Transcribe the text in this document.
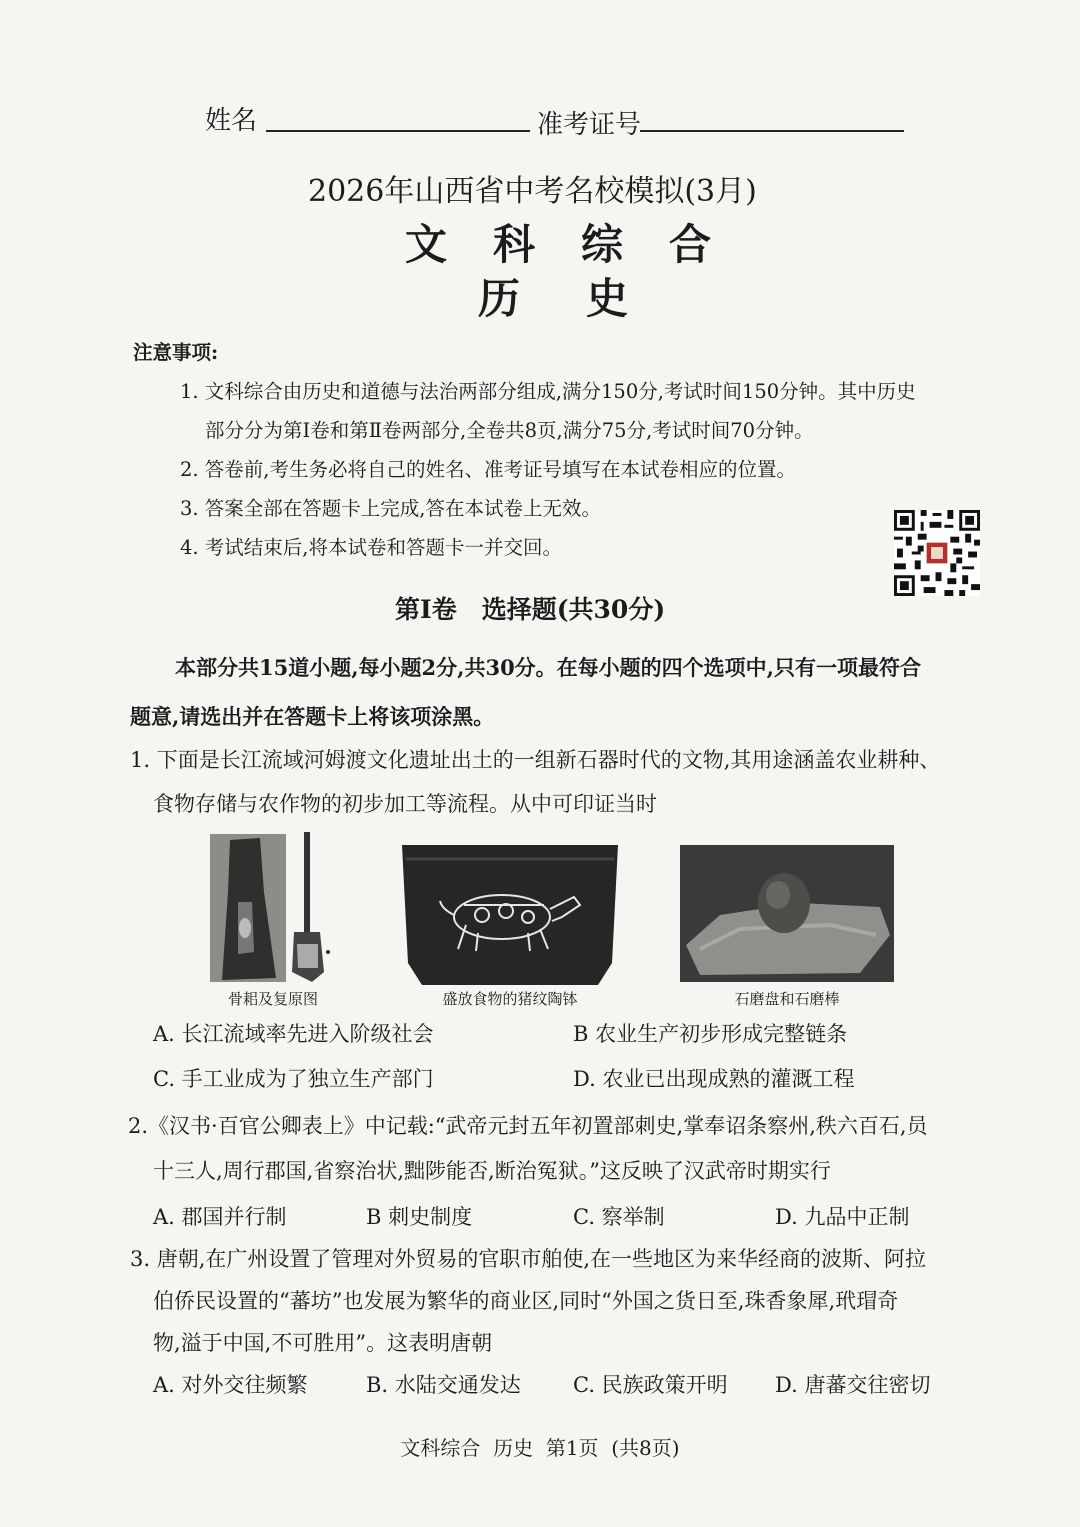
姓名	准考证号
2026年山西省中考名校模拟(3月)
文科综合
历史
注意事项:
1. 文科综合由历史和道德与法治两部分组成,满分150分,考试时间150分钟。其中历史
部分分为第Ⅰ卷和第Ⅱ卷两部分,全卷共8页,满分75分,考试时间70分钟。
2. 答卷前,考生务必将自己的姓名、准考证号填写在本试卷相应的位置。
3. 答案全部在答题卡上完成,答在本试卷上无效。
4. 考试结束后,将本试卷和答题卡一并交回。
第Ⅰ卷　选择题(共30分)
本部分共15道小题,每小题2分,共30分。在每小题的四个选项中,只有一项最符合
题意,请选出并在答题卡上将该项涂黑。
1. 下面是长江流域河姆渡文化遗址出土的一组新石器时代的文物,其用途涵盖农业耕种、
食物存储与农作物的初步加工等流程。从中可印证当时
骨耜及复原图	盛放食物的猪纹陶钵	石磨盘和石磨棒
A. 长江流域率先进入阶级社会	B 农业生产初步形成完整链条
C. 手工业成为了独立生产部门	D. 农业已出现成熟的灌溉工程
2.《汉书·百官公卿表上》中记载:“武帝元封五年初置部刺史,掌奉诏条察州,秩六百石,员
十三人,周行郡国,省察治状,黜陟能否,断治冤狱。”这反映了汉武帝时期实行
A. 郡国并行制	B 刺史制度	C. 察举制	D. 九品中正制
3. 唐朝,在广州设置了管理对外贸易的官职市舶使,在一些地区为来华经商的波斯、阿拉
伯侨民设置的“蕃坊”也发展为繁华的商业区,同时“外国之货日至,珠香象犀,玳瑁奇
物,溢于中国,不可胜用”。这表明唐朝
A. 对外交往频繁	B. 水陆交通发达 C. 民族政策开明 D. 唐蕃交往密切
文科综合  历史  第1页  (共8页)
